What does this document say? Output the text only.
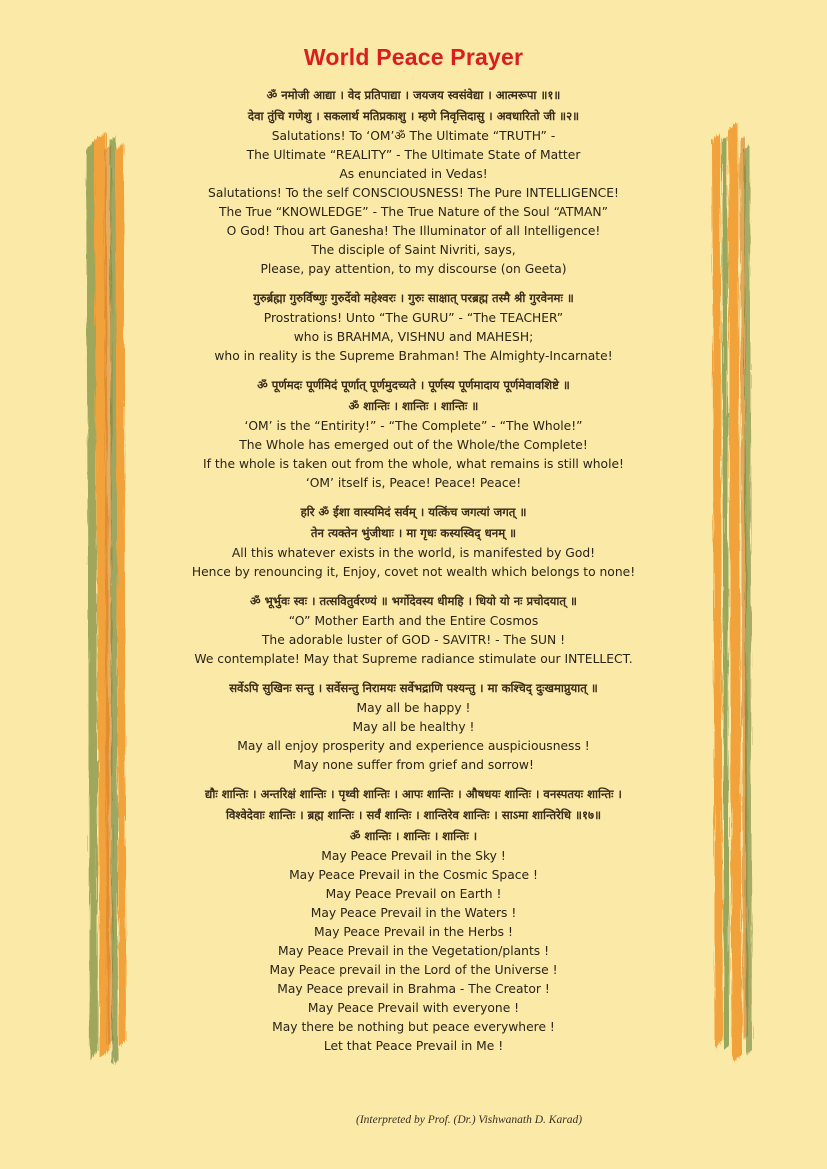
World Peace Prayer
ॐ नमोजी आद्या । वेद प्रतिपाद्या । जयजय स्वसंवेद्या । आत्मरूपा ॥१॥
देवा तुंचि गणेशु । सकलार्थ मतिप्रकाशु । म्हणे निवृत्तिदासु । अवधारितो जी ॥२॥
Salutations! To ‘OM’ॐ The Ultimate “TRUTH” -
The Ultimate “REALITY” - The Ultimate State of Matter
As enunciated in Vedas!
Salutations! To the self CONSCIOUSNESS! The Pure INTELLIGENCE!
The True “KNOWLEDGE” - The True Nature of the Soul “ATMAN”
O God! Thou art Ganesha! The Illuminator of all Intelligence!
The disciple of Saint Nivriti, says,
Please, pay attention, to my discourse (on Geeta)
गुरुर्ब्रह्मा गुरुर्विष्णुः गुरुर्देवो महेश्वरः । गुरुः साक्षात् परब्रह्म तस्मै श्री गुरवेनमः ॥
Prostrations! Unto “The GURU” - “The TEACHER”
who is BRAHMA, VISHNU and MAHESH;
who in reality is the Supreme Brahman! The Almighty-Incarnate!
ॐ पूर्णमदः पूर्णमिदं पूर्णात् पूर्णमुदच्यते । पूर्णस्य पूर्णमादाय पूर्णमेवावशिष्टे ॥
ॐ शान्तिः । शान्तिः । शान्तिः ॥
‘OM’ is the “Entirity!” - “The Complete” - “The Whole!”
The Whole has emerged out of the Whole/the Complete!
If the whole is taken out from the whole, what remains is still whole!
‘OM’ itself is, Peace! Peace! Peace!
हरि ॐ ईशा वास्यमिदं सर्वम् । यत्किंच जगत्यां जगत् ॥
तेन त्यक्तेन भुंजीथाः । मा गृधः कस्यस्विद् धनम् ॥
All this whatever exists in the world, is manifested by God!
Hence by renouncing it, Enjoy, covet not wealth which belongs to none!
ॐ भूर्भुवः स्वः । तत्सवितुर्वरण्यं ॥ भर्गोदेवस्य धीमहि । धियो यो नः प्रचोदयात् ॥
“O” Mother Earth and the Entire Cosmos
The adorable luster of GOD - SAVITR! - The SUN !
We contemplate! May that Supreme radiance stimulate our INTELLECT.
सर्वेऽपि सुखिनः सन्तु । सर्वेसन्तु निरामयः सर्वेभद्राणि पश्यन्तु । मा कश्चिद् दुःखमाप्नुयात् ॥
May all be happy !
May all be healthy !
May all enjoy prosperity and experience auspiciousness !
May none suffer from grief and sorrow!
द्यौः शान्तिः । अन्तरिक्षं शान्तिः । पृथ्वी शान्तिः । आपः शान्तिः । औषधयः शान्तिः । वनस्पतयः शान्तिः ।
विश्वेदेवाः शान्तिः । ब्रह्म शान्तिः । सर्वं शान्तिः । शान्तिरेव शान्तिः । साऽमा शान्तिरेधि ॥१७॥
ॐ शान्तिः । शान्तिः । शान्तिः ।
May Peace Prevail in the Sky !
May Peace Prevail in the Cosmic Space !
May Peace Prevail on Earth !
May Peace Prevail in the Waters !
May Peace Prevail in the Herbs !
May Peace Prevail in the Vegetation/plants !
May Peace prevail in the Lord of the Universe !
May Peace prevail in Brahma - The Creator !
May Peace Prevail with everyone !
May there be nothing but peace everywhere !
Let that Peace Prevail in Me !
(Interpreted by Prof. (Dr.) Vishwanath D. Karad)
